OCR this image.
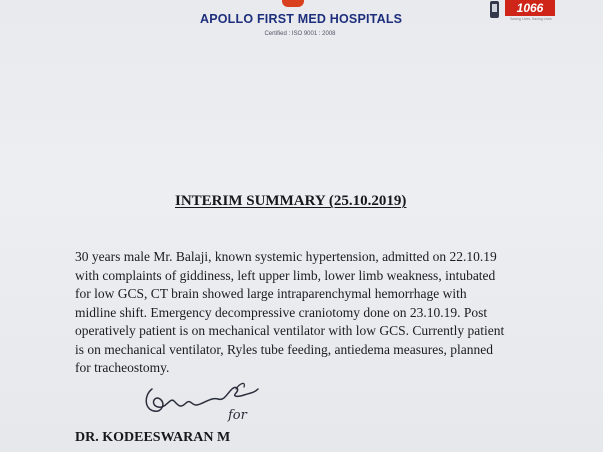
APOLLO FIRST MED HOSPITALS
Certified : ISO 9001 : 2008
1066
Saving Lives, Saving Lives
INTERIM SUMMARY (25.10.2019)

30 years male Mr. Balaji, known systemic hypertension, admitted on 22.10.19
with complaints of giddiness, left upper limb, lower limb weakness, intubated
for low GCS, CT brain showed large intraparenchymal hemorrhage with
midline shift. Emergency decompressive craniotomy done on 23.10.19. Post
operatively patient is on mechanical ventilator with low GCS. Currently patient
is on mechanical ventilator, Ryles tube feeding, antiedema measures, planned
for tracheostomy.

for
DR. KODEESWARAN M
